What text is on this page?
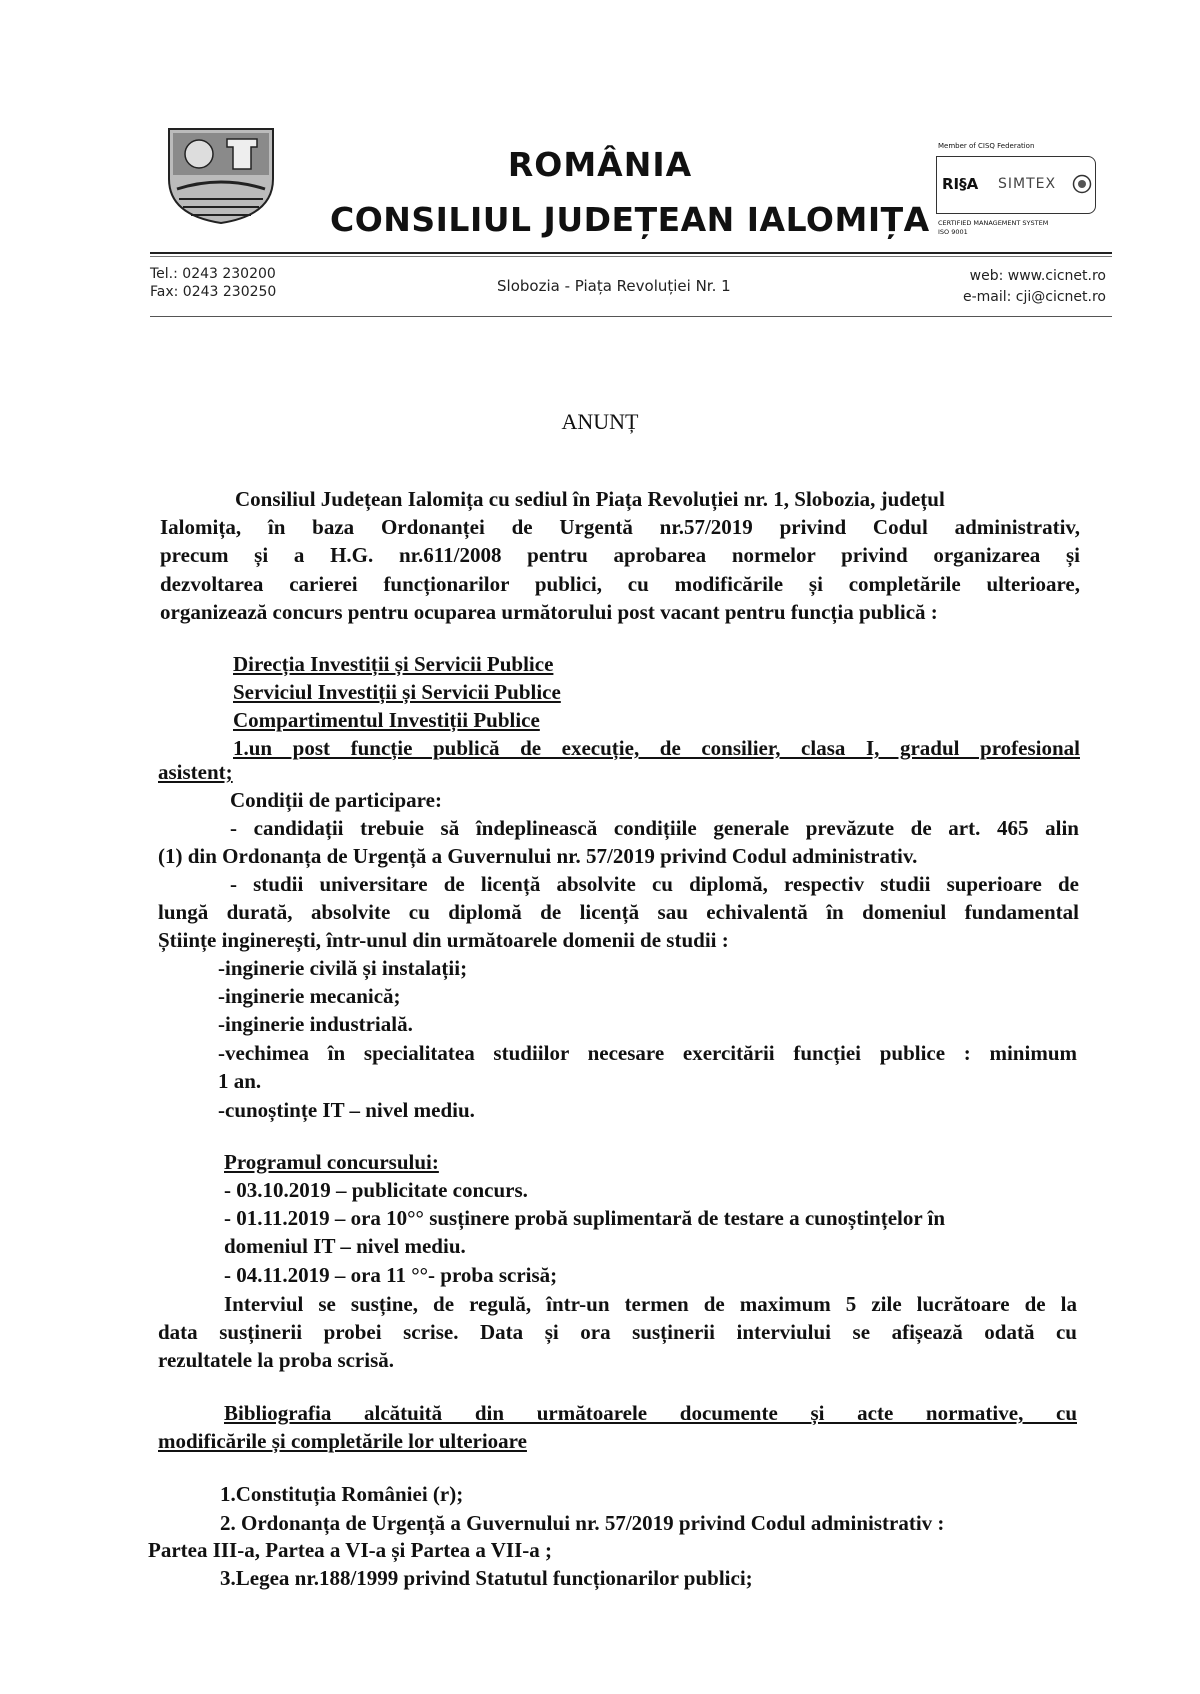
ROMÂNIA
CONSILIUL JUDEȚEAN IALOMIȚA
Member of CISQ Federation
RI§A SIMTEX
CERTIFIED MANAGEMENT SYSTEM
ISO 9001
Tel.: 0243 230200
Fax: 0243 230250	Slobozia - Piața Revoluției Nr. 1
web: www.cicnet.ro
e-mail: cji@cicnet.ro
ANUNȚ
Consiliul Județean Ialomița cu sediul în Piața Revoluției nr. 1, Slobozia, județul
Ialomița, în baza Ordonanței de Urgentă nr.57/2019 privind Codul administrativ,
precum și a H.G. nr.611/2008 pentru aprobarea normelor privind organizarea și
dezvoltarea carierei funcționarilor publici, cu modificările și completările ulterioare,
organizează concurs pentru ocuparea următorului post vacant pentru funcția publică :
Direcția Investiții și Servicii Publice
Serviciul Investiții și Servicii Publice
Compartimentul Investiții Publice
1.un post funcție publică de execuție, de consilier, clasa I, gradul profesional
asistent;
Condiții de participare:
- candidații trebuie să îndeplinească condițiile generale prevăzute de art. 465 alin
(1) din Ordonanța de Urgență a Guvernului nr. 57/2019 privind Codul administrativ.
- studii universitare de licență absolvite cu diplomă, respectiv studii superioare de
lungă durată, absolvite cu diplomă de licență sau echivalentă în domeniul fundamental
Științe inginerești, într-unul din următoarele domenii de studii :
-inginerie civilă și instalații;
-inginerie mecanică;
-inginerie industrială.
-vechimea în specialitatea studiilor necesare exercitării funcției publice : minimum
1 an.
-cunoștințe IT – nivel mediu.
Programul concursului:
- 03.10.2019 – publicitate concurs.
- 01.11.2019 – ora 10°° susținere probă suplimentară de testare a cunoștințelor în
domeniul IT – nivel mediu.
- 04.11.2019 – ora 11 °°- proba scrisă;
Interviul se susține, de regulă, într-un termen de maximum 5 zile lucrătoare de la
data susținerii probei scrise. Data și ora susținerii interviului se afișează odată cu
rezultatele la proba scrisă.
Bibliografia alcătuită din următoarele documente și acte normative, cu
modificările și completările lor ulterioare
1.Constituția României (r);
2. Ordonanța de Urgență a Guvernului nr. 57/2019 privind Codul administrativ :
Partea III-a, Partea a VI-a și Partea a VII-a ;
3.Legea nr.188/1999 privind Statutul funcționarilor publici;
